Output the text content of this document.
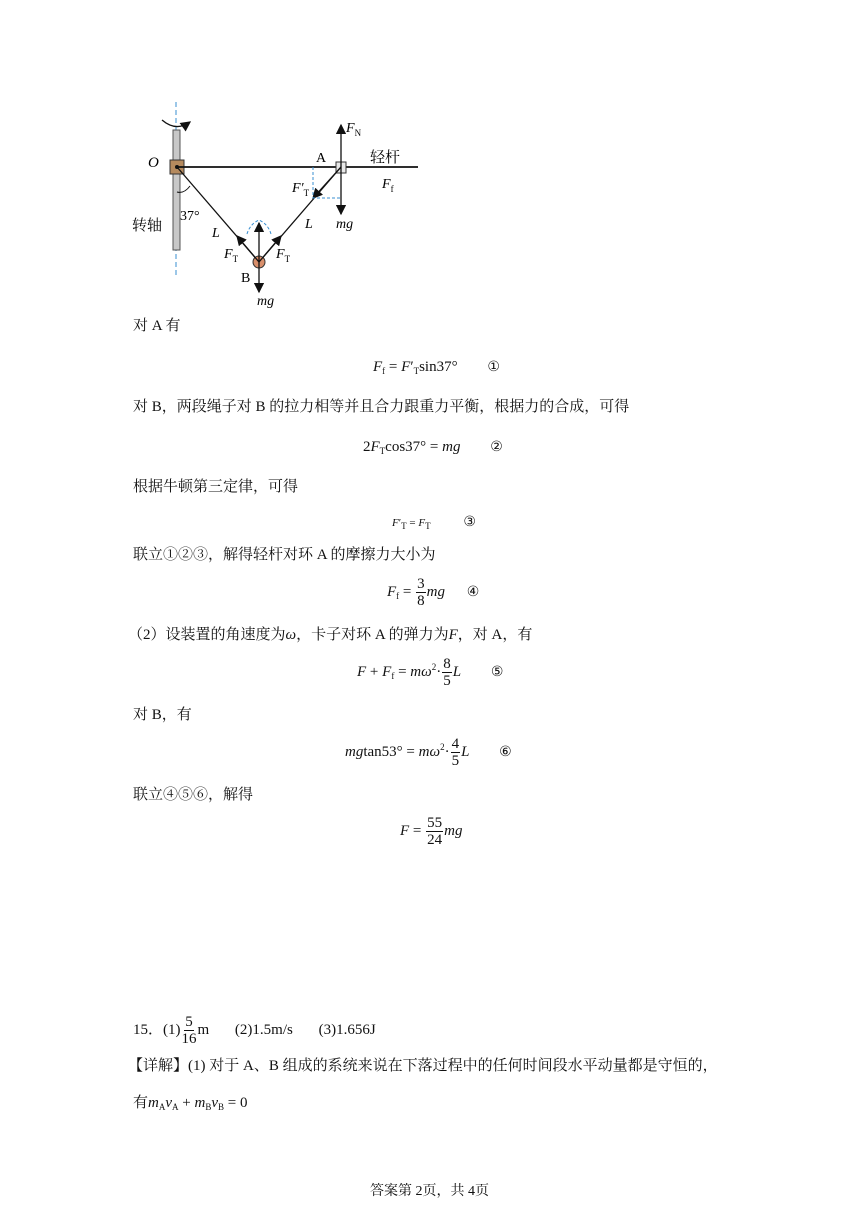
O	A	轻杆
转轴 37°
L
L
B
mg
mg
$F_T$	$F_T$
$F'_T$
$F_N$
$F_f$
对 A 有
$F_f = F'_T\sin 37^\circ$ ①
对 B，两段绳子对 B 的拉力相等并且合力跟重力平衡，根据力的合成，可得
$2F_T\cos 37^\circ$ = mg ②
根据牛顿第三定律，可得
$F'_T = F_T$ ③
联立①②③，解得轻杆对环 A 的摩擦力大小为
$F_f = \frac{3}{8}$ mg ④
（2）设装置的角速度为ω，卡子对环 A 的弹力为F，对 A，有
$F + F_f = m\omega^2\cdot \frac{8}{5}$ L ⑤
对 B，有
$mgtan53^\circ = m\omega^2\cdot \frac{4}{5}$ L ⑥
联立④⑤⑥，解得
$F = \frac{55}{24}$ mg
15．$(1) \frac{5}{16}$ m (2)1.5m/s (3)1.656J
【详解】(1) 对于 A、B 组成的系统来说在下落过程中的任何时间段水平动量都是守恒的，
有$m_Av_A + m_Bv_B = 0$
答案第 2页，共 4页
